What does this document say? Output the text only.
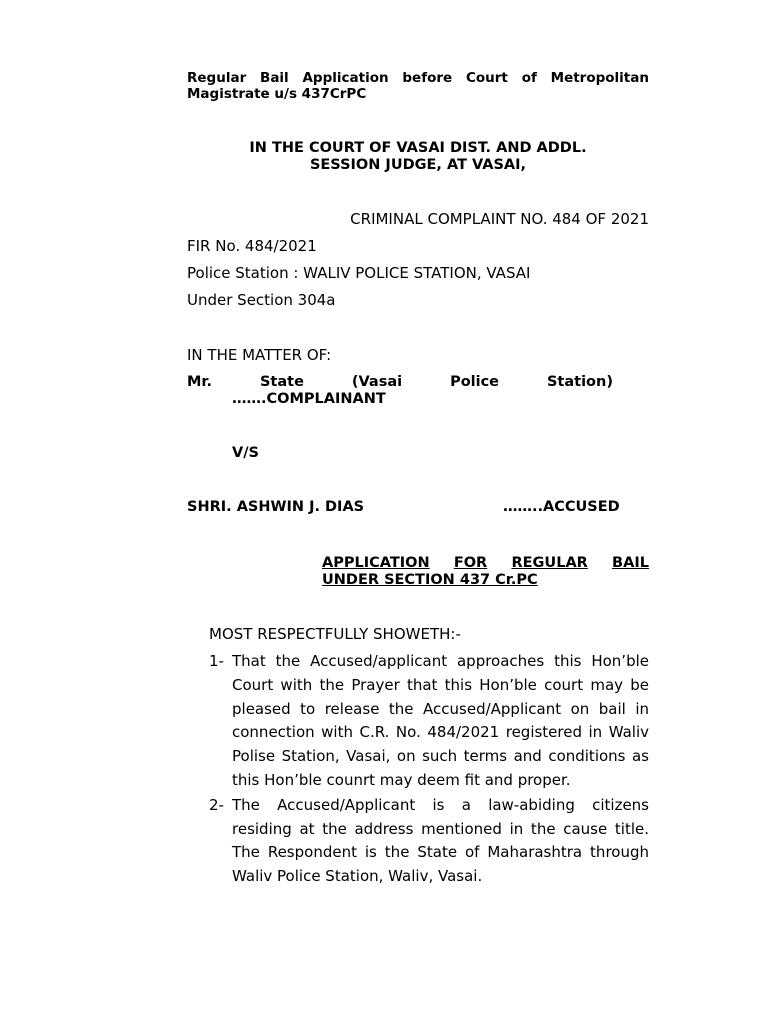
Regular Bail Application before Court of Metropolitan Magistrate u/s 437CrPC
IN THE COURT OF VASAI DIST. AND ADDL.
SESSION JUDGE, AT VASAI,
CRIMINAL COMPLAINT NO. 484 OF 2021
FIR No. 484/2021
Police Station : WALIV POLICE STATION, VASAI
Under Section 304a
IN THE MATTER OF:
Mr.	State	(Vasai	Police	Station)
…….COMPLAINANT
V/S
SHRI. ASHWIN J. DIAS	……..ACCUSED
APPLICATION FOR REGULAR BAIL
UNDER SECTION 437 Cr.PC
MOST RESPECTFULLY SHOWETH:-
1- That the Accused/applicant approaches this Hon’ble Court with the Prayer that this Hon’ble court may be pleased to release the Accused/Applicant on bail in connection with C.R. No. 484/2021 registered in Waliv Polise Station, Vasai, on such terms and conditions as this Hon’ble counrt may deem fit and proper.
2- The Accused/Applicant is a law-abiding citizens residing at the address mentioned in the cause title. The Respondent is the State of Maharashtra through Waliv Police Station, Waliv, Vasai.
